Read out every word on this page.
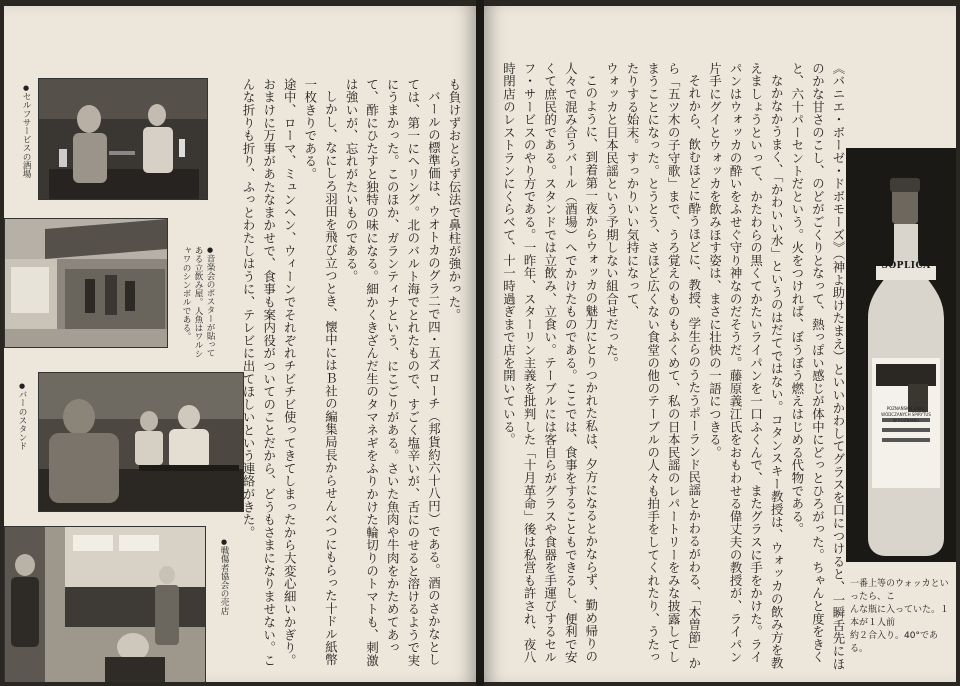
●セルフサービスの酒場
●音楽会のポスターが貼ってある立飲み屋。人魚はワルシャワのシンボルである。
●バーのスタンド
●戦傷者協会の売店

も負けずおとらず伝法で鼻柱が強かった。

バールの標準価は、ウオトカのグラ二で四・五ズローチ（邦貨約六十八円）である。酒のさかなとしては、第一にヘリング。北のバルト海でとれたもので、すごく塩辛いが、舌にのせると溶けるようで実にうまかった。このほか、ガランティナという、にこごりがある。さいた魚肉や牛肉をかためてあって、酢にひたすと独特の味になる。細かくきざんだ生のタマネギをふりかけた輪切りのトマトも、刺激は強いが、忘れがたいものである。

しかし、なにしろ羽田を飛び立つとき、懐中にはＢ社の編集局長からせんべつにもらった十ドル紙幣一枚きりである。

途中、ローマ、ミュンヘン、ウィーンでそれぞれチビチビ使ってきてしまったから大変心細いかぎり。おまけに万事があたなまかせで、食事も案内役がついてのことだから、どうもさまになりませない。こんな折りも折り、ふっとわたしはうに、テレビに出てほしいという連絡がきた。	《バニエ・ボーゼ・ドボモーズ》（神よ助けたまえ）といいかわしてグラスを口につけると、一瞬舌先にほのかな甘さのこし、のどがごくりとなって、熱っぽい感じが体中にどっとひろがった。ちゃんと度をきくと、六十パーセントだという。火をつければ、ぼうぼう燃えはじめる代物である。

なかなかうまく、「かわいい水」というのはだてではない。コタンスキー教授は、ウォッカの飲み方を教えましょうといって、かたわらの黒くてかたいライパンを一口ふくんで、またグラスに手をかけた。ライパンはウォッカの酔いをふせぐ守り神なのだそうだ。藤原義江氏をおもわせる偉丈夫の教授が、ライパン片手にグイとウォッカを飲みほす姿は、まさに壮快の一語につきる。

それから、飲むほどに酔うほどに、教授、学生らのうたうポーランド民謡とかわるがわる、「木曽節」から「五ツ木の子守歌」まで、うろ覚えのものもふくめて、私の日本民謡のレパートリーをみな披露してしまうことになった。とうとう、さほど広くない食堂の他のテーブルの人々も拍手をしてくれたり、うたったりする始末。すっかりいい気持になって、

ウォッカと日本民謡という予期しない組合せだった。

このように、到着第一夜からウォッカの魅力にとりつかれた私は、夕方になるとかならず、勤め帰りの人々で混み合うバール（酒場）へでかけたものである。ここでは、食事をすることもできるし、便利で安くて庶民的である。スタンドでは立飲み、立食い。テーブルには客自らがグラスや食器を手運びするセルフ・サービスのやり方である。一昨年、スターリン主義を批判した「十月革命」後は私営も許され、夜八時閉店のレストランにくらべて、十一時過ぎまで店を開いている。	SOPLICA
POZNAŃSKIE ZAKŁ.
WÓDCZANYCH SPIRYTUS
W POZNANIU
一番上等のウォッカといったら、こ
んな瓶に入っていた。１本が１人前
約２合入り。40°である。
